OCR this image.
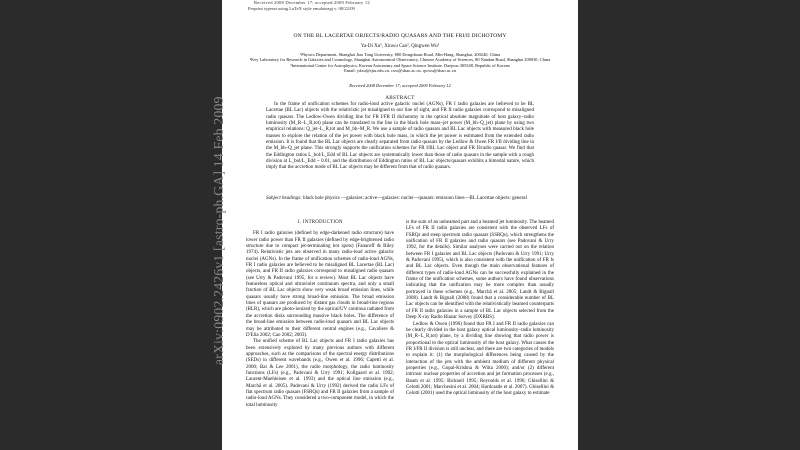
Received 2008 December 17; accepted 2009 February 12
Preprint typeset using LaTeX style emulateapj v. 08/22/09
ON THE BL LACERTAE OBJECTS/RADIO QUASARS AND THE FRI/II DICHOTOMY
Ya-Di Xu¹, Xinwu Cao², Qingwen Wu³
¹Physics Department, Shanghai Jiao Tong University, 800 Dongchuan Road, Min-Hang, Shanghai, 200240, China
²Key Laboratory for Research in Galaxies and Cosmology, Shanghai Astronomical Observatory, Chinese Academy of Sciences, 80 Nandan Road, Shanghai 200030, China
³International Center for Astrophysics, Korean Astronomy and Space Science Institute, Daejeon 305348, Republic of Korean
Email: ydxu@sjtu.edu.cn, cxw@shao.ac.cn, qwwu@shao.ac.cn
Received 2008 December 17; accepted 2009 February 12
ABSTRACT
In the frame of unification schemes for radio-loud active galactic nuclei (AGNs), FR I radio galaxies are believed to be BL Lacertae (BL Lac) objects with the relativistic jet misaligned to our line of sight, and FR II radio galaxies correspond to misaligned radio quasars. The Ledlow-Owen dividing line for FR I/FR II dichotomy in the optical absolute magnitude of host galaxy–radio luminosity (M_R–L_R,tot) plane can be translated to the line in the black hole mass–jet power (M_bh–Q_jet) plane by using two empirical relations: Q_jet–L_R,tot and M_bh–M_R. We use a sample of radio quasars and BL Lac objects with measured black hole masses to explore the relation of the jet power with black hole mass, in which the jet power is estimated from the extended radio emission. It is found that the BL Lac objects are clearly separated from radio quasars by the Ledlow & Owen FR I/II dividing line in the M_bh–Q_jet plane. This strongly supports the unification schemes for FR I/BL Lac object and FR II/radio quasar. We find that the Eddington ratios L_bol/L_Edd of BL Lac objects are systematically lower than those of radio quasars in the sample with a rough division at L_bol/L_Edd ~ 0.01, and the distribution of Eddington ratios of BL Lac objects/quasars exhibits a bimodal nature, which imply that the accretion mode of BL Lac objects may be different from that of radio quasars.
Subject headings: black hole physics —galaxies: active—galaxies: nuclei—quasars: emission lines—BL Lacertae objects: general
1. INTRODUCTION

FR I radio galaxies (defined by edge-darkened radio structure) have lower radio power than FR II galaxies (defined by edge-brightened radio structure due to compact jet-terminating hot spots) (Fanaroff & Riley 1974). Relativistic jets are observed in many radio-loud active galactic nuclei (AGNs). In the frame of unification schemes of radio-loud AGNs, FR I radio galaxies are believed to be misaligned BL Lacertae (BL Lac) objects, and FR II radio galaxies correspond to misaligned radio quasars (see Urry & Padovani 1995, for a review). Most BL Lac objects have featureless optical and ultraviolet continuum spectra, and only a small fraction of BL Lac objects show very weak broad emission lines, while quasars usually have strong broad-line emission. The broad emission lines of quasars are produced by distant gas clouds in broad-line regions (BLR), which are photo-ionized by the optical/UV continua radiated from the accretion disks surrounding massive black holes. The difference of the broad-line emission between radio-loud quasars and BL Lac objects may be attributed to their different central engines (e.g., Cavaliere & D'Elia 2002; Cao 2002; 2003).

The unified scheme of BL Lac objects and FR I radio galaxies has been extensively explored by many previous authors with different approaches, such as the comparisons of the spectral energy distributions (SEDs) in different wavebands (e.g., Owen et al. 1996; Capetti et al. 2000; Bai & Lee 2001), the radio morphology, the radio luminosity functions (LFs) (e.g., Padovani & Urry 1991; Kollgaard et al. 1992; Laurent-Muehleisen et al. 1993) and the optical line emission (e.g., Marchã et al. 2005). Padovani & Urry (1992) derived the radio LFs of flat spectrum radio quasars (FSRQs) and FR II galaxies from a sample of radio-loud AGNs. They considered a two-component model, in which the total luminosity

is the sum of an unbeamed part and a beamed jet luminosity. The beamed LFs of FR II radio galaxies are consistent with the observed LFs of FSRQs and steep spectrum radio quasars (SSRQs), which strengthens the unification of FR II galaxies and radio quasars (see Padovani & Urry 1992, for the details). Similar analyses were carried out on the relation between FR I galaxies and BL Lac objects (Padovani & Urry 1991; Urry & Padovani 1995), which is also consistent with the unification of FR Is and BL Lac objects. Even though the main observational features of different types of radio-loud AGNs can be successfully explained in the frame of the unification schemes, some authors have found observations indicating that the unification may be more complex than usually portrayed in these schemes (e.g., Marchã et al. 2005; Landt & Bignall 2008). Landt & Bignall (2008) found that a considerable number of BL Lac objects can be identified with the relativistically beamed counterparts of FR II radio galaxies in a sample of BL Lac objects selected from the Deep X-ray Radio Blazar Survey (DXRBS).

Ledlow & Owen (1996) found that FR I and FR II radio galaxies can be clearly divided in the host galaxy optical luminosity–radio luminosity (M_R–L_R,tot) plane, by a dividing line showing that radio power is proportional to the optical luminosity of the host galaxy. What causes the FR I/FR II division is still unclear, and there are two categories of models to explain it: (1) the morphological differences being caused by the interaction of the jets with the ambient medium of different physical properties (e.g., Gopal-Krishna & Wiita 2000); and/or (2) different intrinsic nuclear properties of accretion and jet formation processes (e.g., Baum et al. 1995; Bicknell 1995; Reynolds et al. 1996; Ghisellini & Celotti 2001; Marchesini et al. 2004; Hardcastle et al. 2007). Ghisellini & Celotti (2001) used the optical luminosity of the host galaxy to estimate

arXiv:0902.2426v1 [astro-ph.GA] 14 Feb 2009
